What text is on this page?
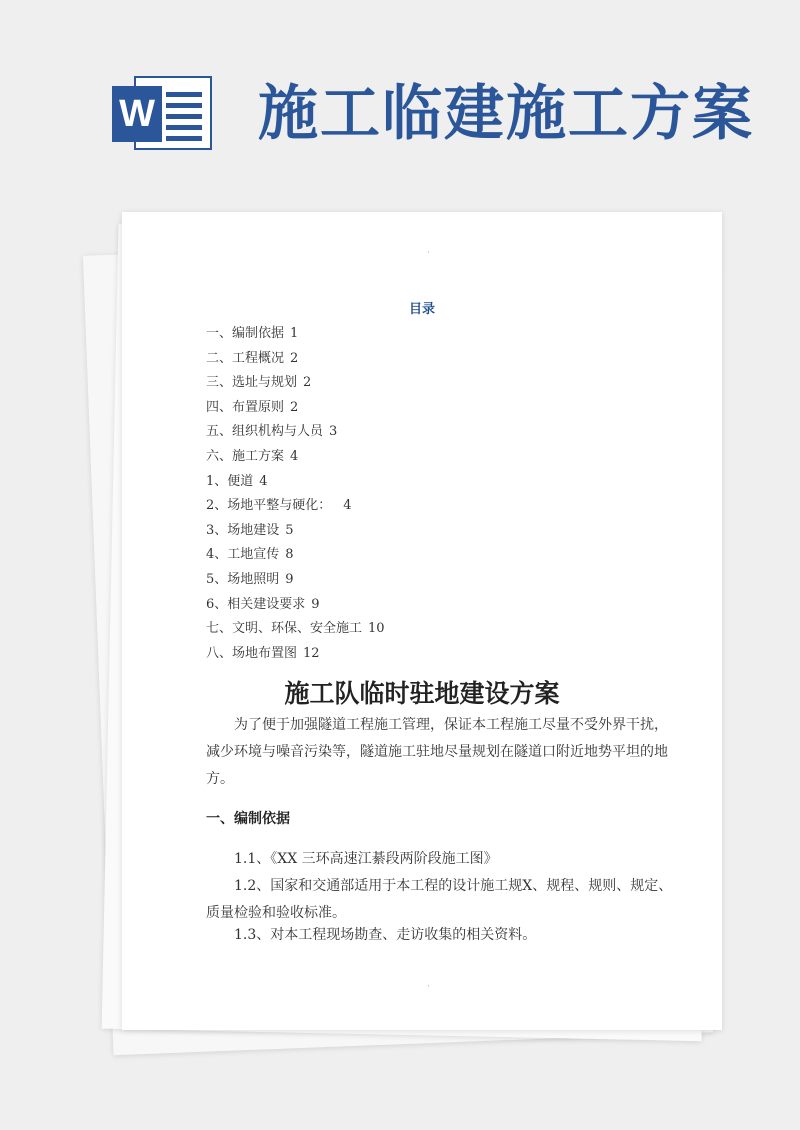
W 施工临建施工方案
·
目录
一、编制依据 1
二、工程概况 2
三、选址与规划 2
四、布置原则 2
五、组织机构与人员 3
六、施工方案 4
1、便道 4
2、场地平整与硬化： 4
3、场地建设 5
4、工地宣传 8
5、场地照明 9
6、相关建设要求 9
七、文明、环保、安全施工 10
八、场地布置图 12
施工队临时驻地建设方案

为了便于加强隧道工程施工管理，保证本工程施工尽量不受外界干扰，减少环境与噪音污染等，隧道施工驻地尽量规划在隧道口附近地势平坦的地方。

一、编制依据

1.1、《XX 三环高速江綦段两阶段施工图》

1.2、国家和交通部适用于本工程的设计施工规X、规程、规则、规定、质量检验和验收标准。

1.3、对本工程现场勘查、走访收集的相关资料。

·
